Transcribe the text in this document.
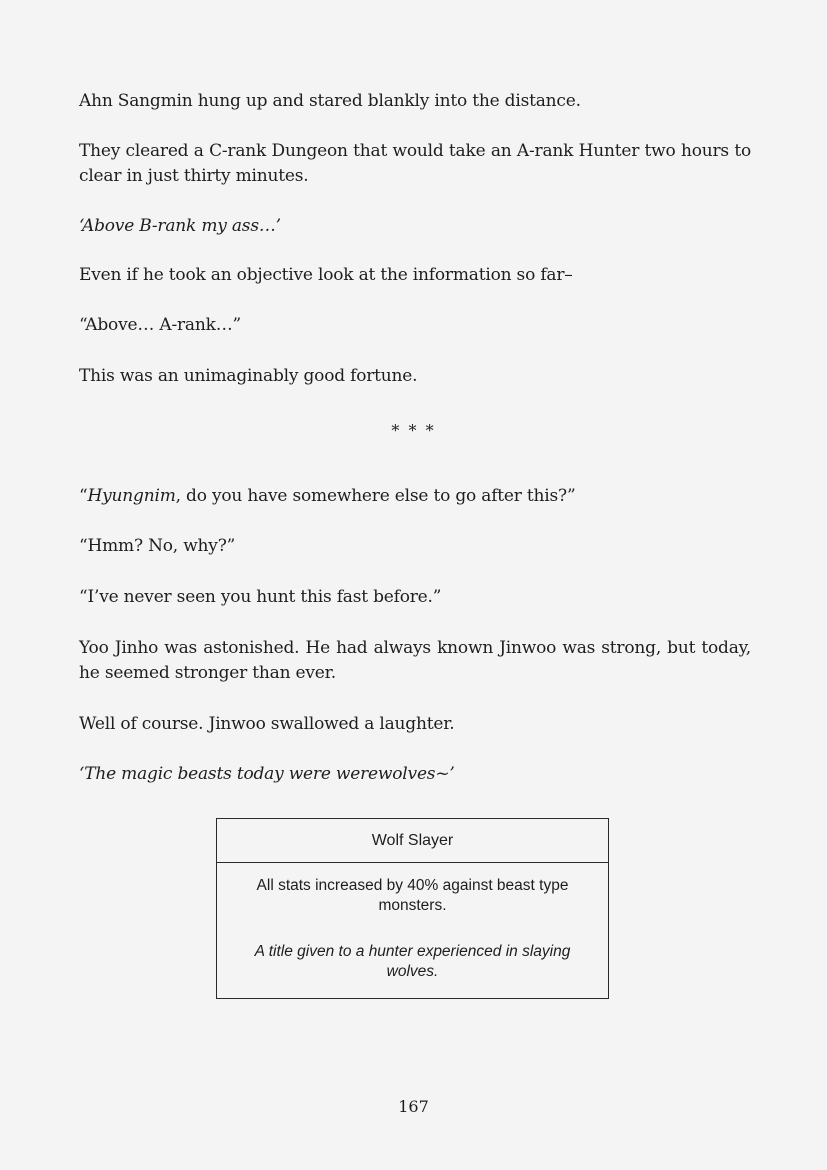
Ahn Sangmin hung up and stared blankly into the distance.

They cleared a C-rank Dungeon that would take an A-rank Hunter two hours to clear in just thirty minutes.

‘Above B-rank my ass…’

Even if he took an objective look at the information so far–

“Above… A-rank…”

This was an unimaginably good fortune.

* * *

“Hyungnim, do you have somewhere else to go after this?”

“Hmm? No, why?”

“I’ve never seen you hunt this fast before.”

Yoo Jinho was astonished. He had always known Jinwoo was strong, but today, he seemed stronger than ever.

Well of course. Jinwoo swallowed a laughter.

‘The magic beasts today were werewolves~’

Wolf Slayer
All stats increased by 40% against beast type monsters.
A title given to a hunter experienced in slaying wolves.
167
